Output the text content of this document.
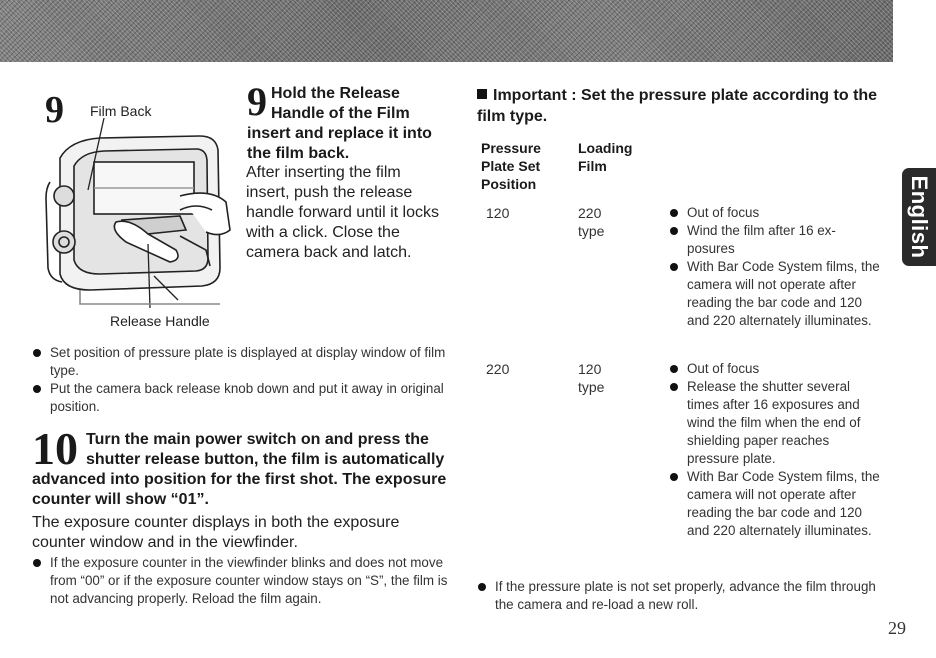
English
9 Film Back
Release Handle
9 Hold the Release Handle of the Film insert and replace it into the film back.
After inserting the film insert, push the release handle forward until it locks with a click. Close the camera back and latch.
Set position of pressure plate is displayed at display window of film type.
Put the camera back release knob down and put it away in original position.
10 Turn the main power switch on and press the shutter release button, the film is automatically advanced into position for the first shot. The exposure counter will show “01”.
The exposure counter displays in both the exposure counter window and in the viewfinder.
If the exposure counter in the viewfinder blinks and does not move from “00” or if the exposure counter window stays on “S”, the film is not advancing properly. Reload the film again.
Important : Set the pressure plate according to the film type.
Pressure Plate Set Position
Loading Film
120	220 type
Out of focus
Wind the film after 16 ex-posures
With Bar Code System films, the camera will not operate after reading the bar code and 120 and 220 alternately illuminates.
220	120 type
Out of focus
Release the shutter several times after 16 exposures and wind the film when the end of shielding paper reaches pressure plate.
With Bar Code System films, the camera will not operate after reading the bar code and 120 and 220 alternately illuminates.
If the pressure plate is not set properly, advance the film through the camera and re-load a new roll.
29
